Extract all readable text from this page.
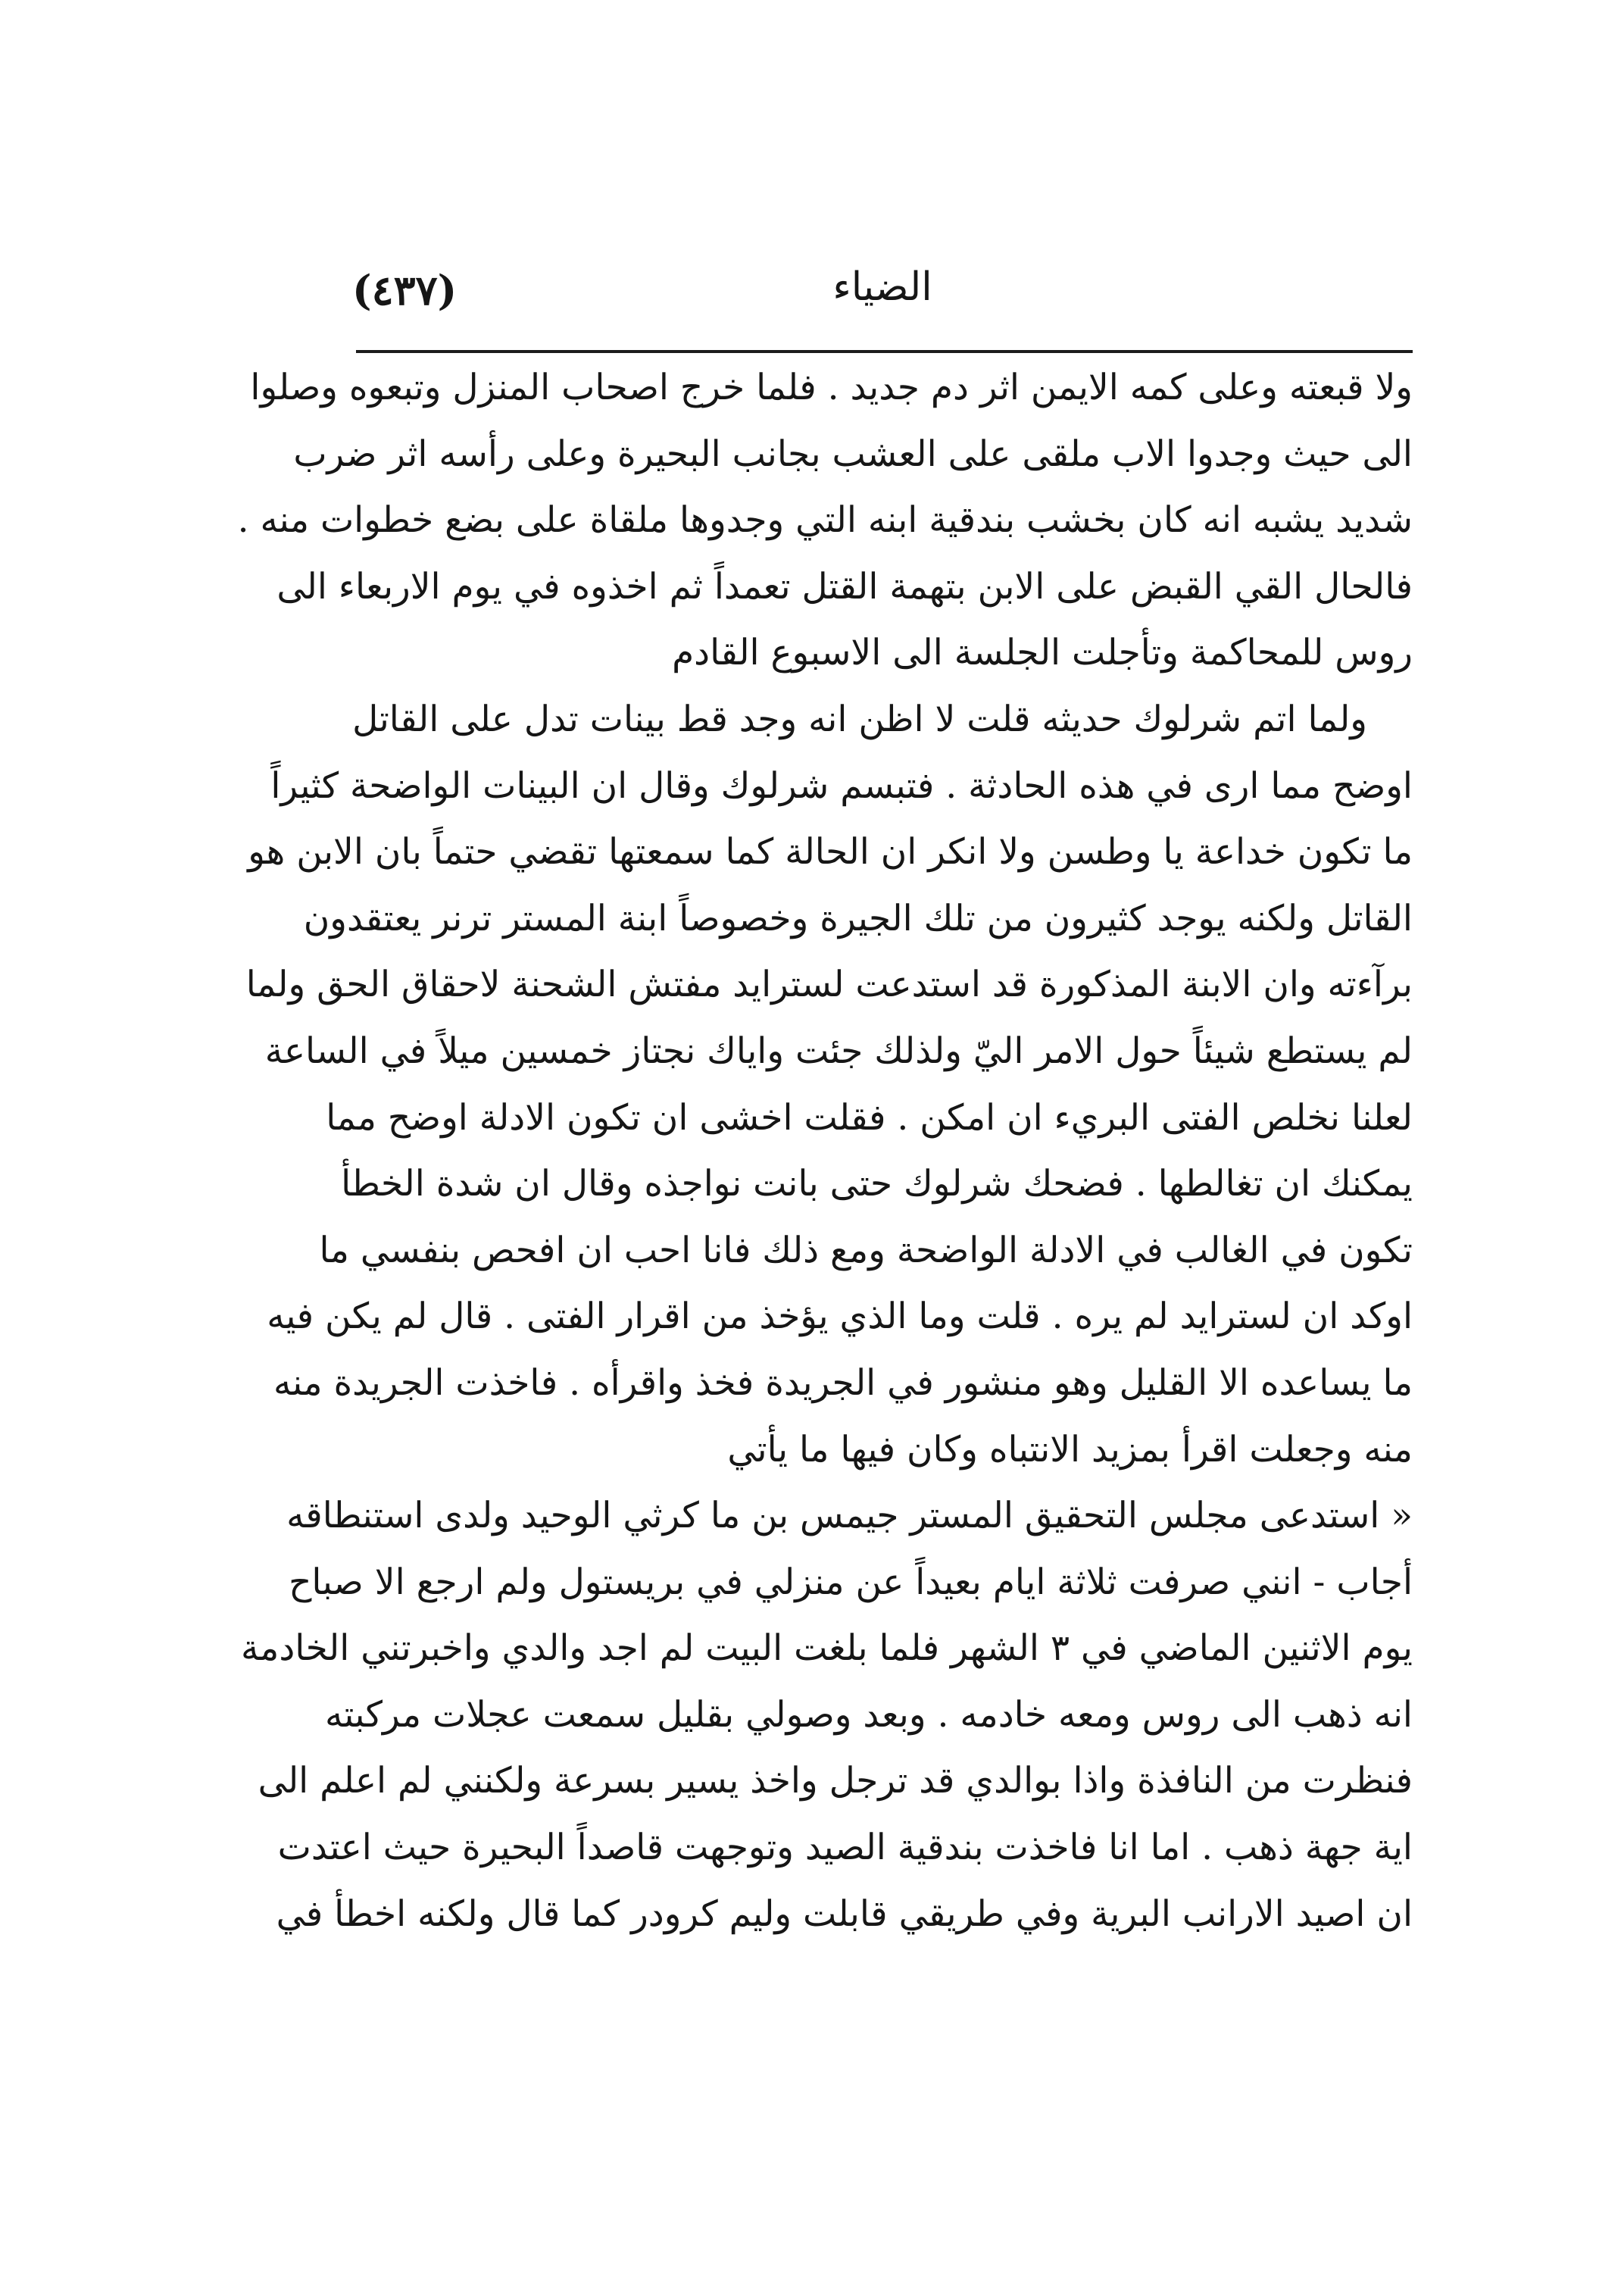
(٤٣٧)	الضياء
ولا قبعته وعلى كمه الايمن اثر دم جديد . فلما خرج اصحاب المنزل وتبعوه وصلوا
الى حيث وجدوا الاب ملقى على العشب بجانب البحيرة وعلى رأسه اثر ضرب
شديد يشبه انه كان بخشب بندقية ابنه التي وجدوها ملقاة على بضع خطوات منه .
فالحال القي القبض على الابن بتهمة القتل تعمداً ثم اخذوه في يوم الاربعاء الى
روس للمحاكمة وتأجلت الجلسة الى الاسبوع القادم
ولما اتم شرلوك حديثه قلت لا اظن انه وجد قط بينات تدل على القاتل
اوضح مما ارى في هذه الحادثة . فتبسم شرلوك وقال ان البينات الواضحة كثيراً
ما تكون خداعة يا وطسن ولا انكر ان الحالة كما سمعتها تقضي حتماً بان الابن هو
القاتل ولكنه يوجد كثيرون من تلك الجيرة وخصوصاً ابنة المستر ترنر يعتقدون
برآءته وان الابنة المذكورة قد استدعت لسترايد مفتش الشحنة لاحقاق الحق ولما
لم يستطع شيئاً حول الامر اليّ ولذلك جئت واياك نجتاز خمسين ميلاً في الساعة
لعلنا نخلص الفتى البريء ان امكن . فقلت اخشى ان تكون الادلة اوضح مما
يمكنك ان تغالطها . فضحك شرلوك حتى بانت نواجذه وقال ان شدة الخطأ
تكون في الغالب في الادلة الواضحة ومع ذلك فانا احب ان افحص بنفسي ما
اوكد ان لسترايد لم يره . قلت وما الذي يؤخذ من اقرار الفتى . قال لم يكن فيه
ما يساعده الا القليل وهو منشور في الجريدة فخذ واقرأه . فاخذت الجريدة منه
منه وجعلت اقرأ بمزيد الانتباه وكان فيها ما يأتي
« استدعى مجلس التحقيق المستر جيمس بن ما كرثي الوحيد ولدى استنطاقه
أجاب - انني صرفت ثلاثة ايام بعيداً عن منزلي في بريستول ولم ارجع الا صباح
يوم الاثنين الماضي في ٣ الشهر فلما بلغت البيت لم اجد والدي واخبرتني الخادمة
انه ذهب الى روس ومعه خادمه . وبعد وصولي بقليل سمعت عجلات مركبته
فنظرت من النافذة واذا بوالدي قد ترجل واخذ يسير بسرعة ولكنني لم اعلم الى
اية جهة ذهب . اما انا فاخذت بندقية الصيد وتوجهت قاصداً البحيرة حيث اعتدت
ان اصيد الارانب البرية وفي طريقي قابلت وليم كرودر كما قال ولكنه اخطأ في
